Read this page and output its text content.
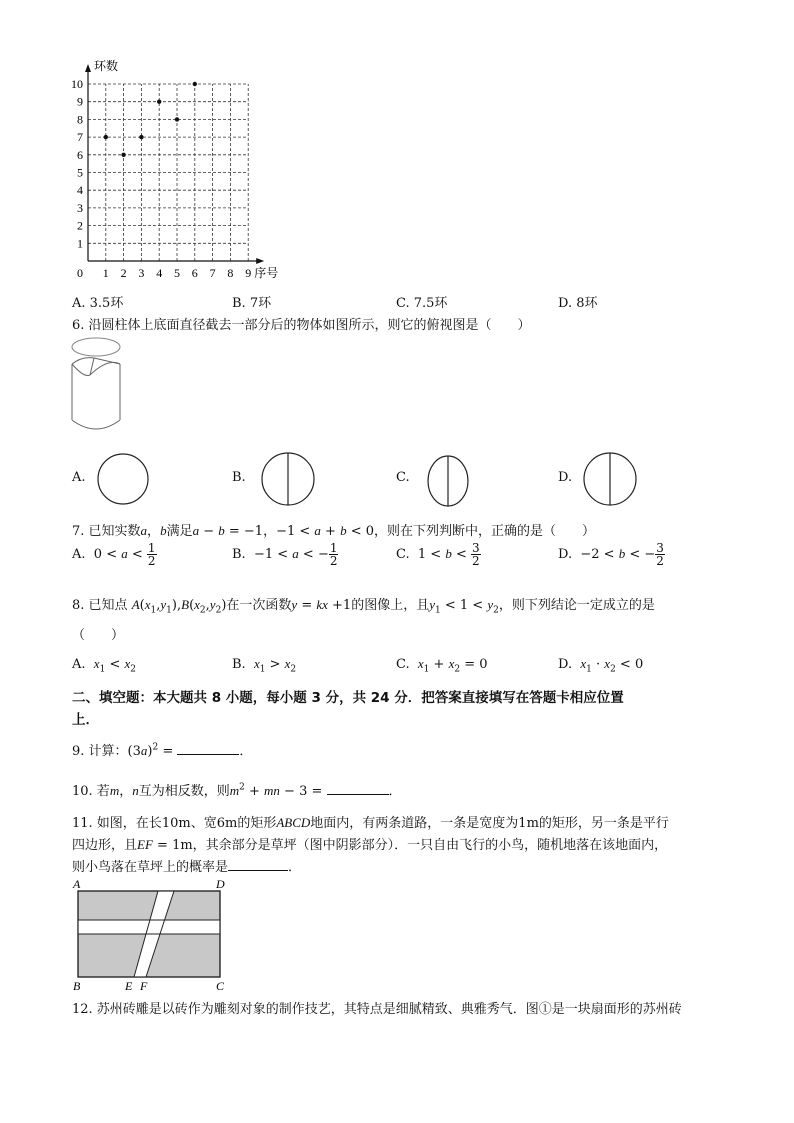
1 2 3 4 5 6 7 8 9
1
2
3
4
5
6
7
8
9
10
0
环数
序号
A. 3.5环	B. 7环	C. 7.5环	D. 8环
6. 沿圆柱体上底面直径截去一部分后的物体如图所示，则它的俯视图是（　　）
A.	B.	C.	D.
7. 已知实数a，b满足a − b = −1，−1 < a + b < 0，则在下列判断中，正确的是（　　）
A.  $0 < a < \frac{1}{2}$	B.  −1 < a < − $\frac{1}{2}$	C.  $1 < b < \frac{3}{2}$	D.  −2 < b < − $\frac{3}{2}$
8. 已知点 $A(x_1,y_1),B(x_2,y_2)$在一次函数y = kx +1的图像上，且$y_1 < 1 < y_2$，则下列结论一定成立的是
（　　）
A. $x_1 < x_2$	B. $x_1 > x_2$	C. $x_1 + x_2 = 0$	D. $x_1 \cdot x_2 < 0$
二、填空题：本大题共 8 小题，每小题 3 分，共 24 分．把答案直接填写在答题卡相应位置
上．
9. 计算：$(3a)^2$ =	．
10. 若m，n互为相反数，则$m^2$ + mn − 3 =	．
11. 如图，在长10m、宽6m的矩形ABCD地面内，有两条道路，一条是宽度为1m的矩形，另一条是平行
四边形，且EF = 1m，其余部分是草坪（图中阴影部分）．一只自由飞行的小鸟，随机地落在该地面内，
则小鸟落在草坪上的概率是	．
A	D
B	E F	C
12. 苏州砖雕是以砖作为雕刻对象的制作技艺，其特点是细腻精致、典雅秀气．图①是一块扇面形的苏州砖
